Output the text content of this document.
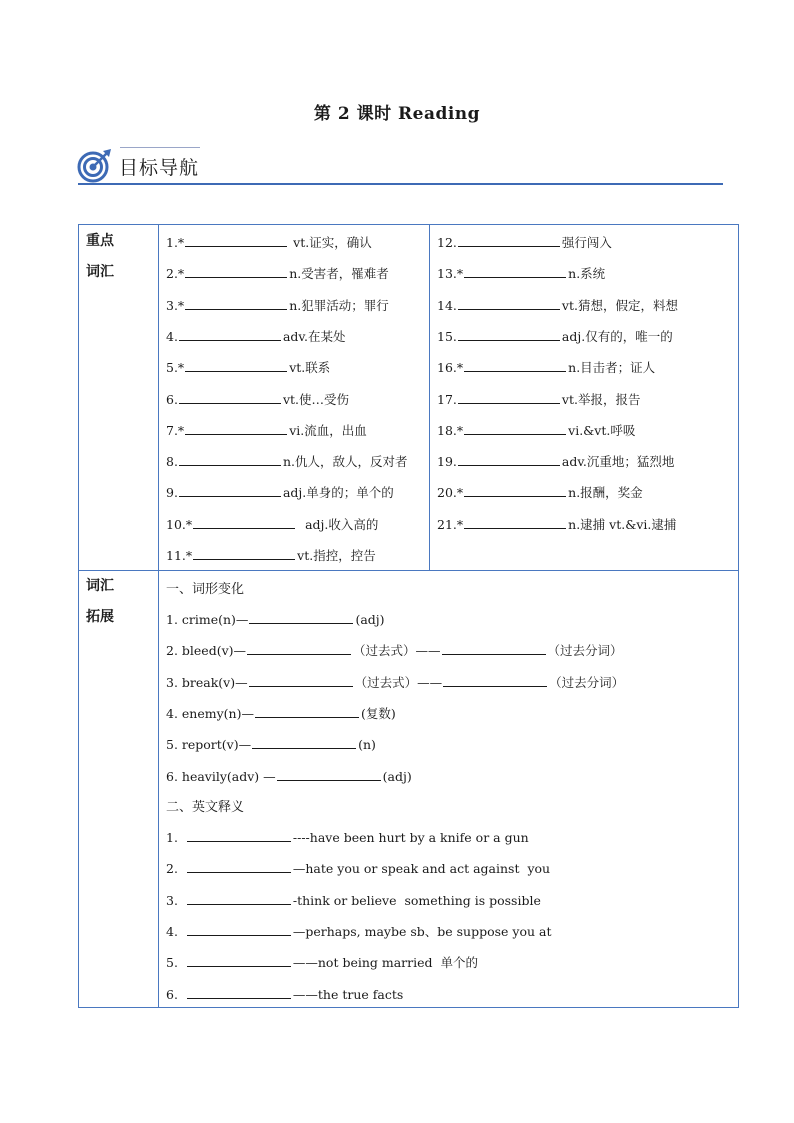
第 2 课时 Reading
目标导航
重点
词汇
1.*	vt.证实，确认
2.*	n.受害者，罹难者
3.*	n.犯罪活动；罪行
4.	adv.在某处
5.*	vt.联系
6.	vt.使…受伤
7.*	vi.流血，出血
8.	n.仇人，敌人，反对者
9.	adj.单身的；单个的
10.*	adj.收入高的
11.*	vt.指控，控告
12.	强行闯入
13.*	n.系统
14.	vt.猜想，假定，料想
15.	adj.仅有的，唯一的
16.*	n.目击者；证人
17.	vt.举报，报告
18.*	vi.&vt.呼吸
19.	adv.沉重地；猛烈地
20.*	n.报酬，奖金
21.*	n.逮捕 vt.&vi.逮捕
词汇
拓展
一、词形变化
1. crime(n)—	(adj)
2. bleed(v)—	（过去式）——	（过去分词）
3. break(v)—	（过去式）——	（过去分词）
4. enemy(n)—	(复数)
5. report(v)—	(n)
6. heavily(adv) —	(adj)
二、英文释义
1.	----have been hurt by a knife or a gun
2.	—hate you or speak and act against  you
3.	-think or believe  something is possible
4.	—perhaps, maybe sb、be suppose you at
5.	——not being married  单个的
6.	——the true facts
